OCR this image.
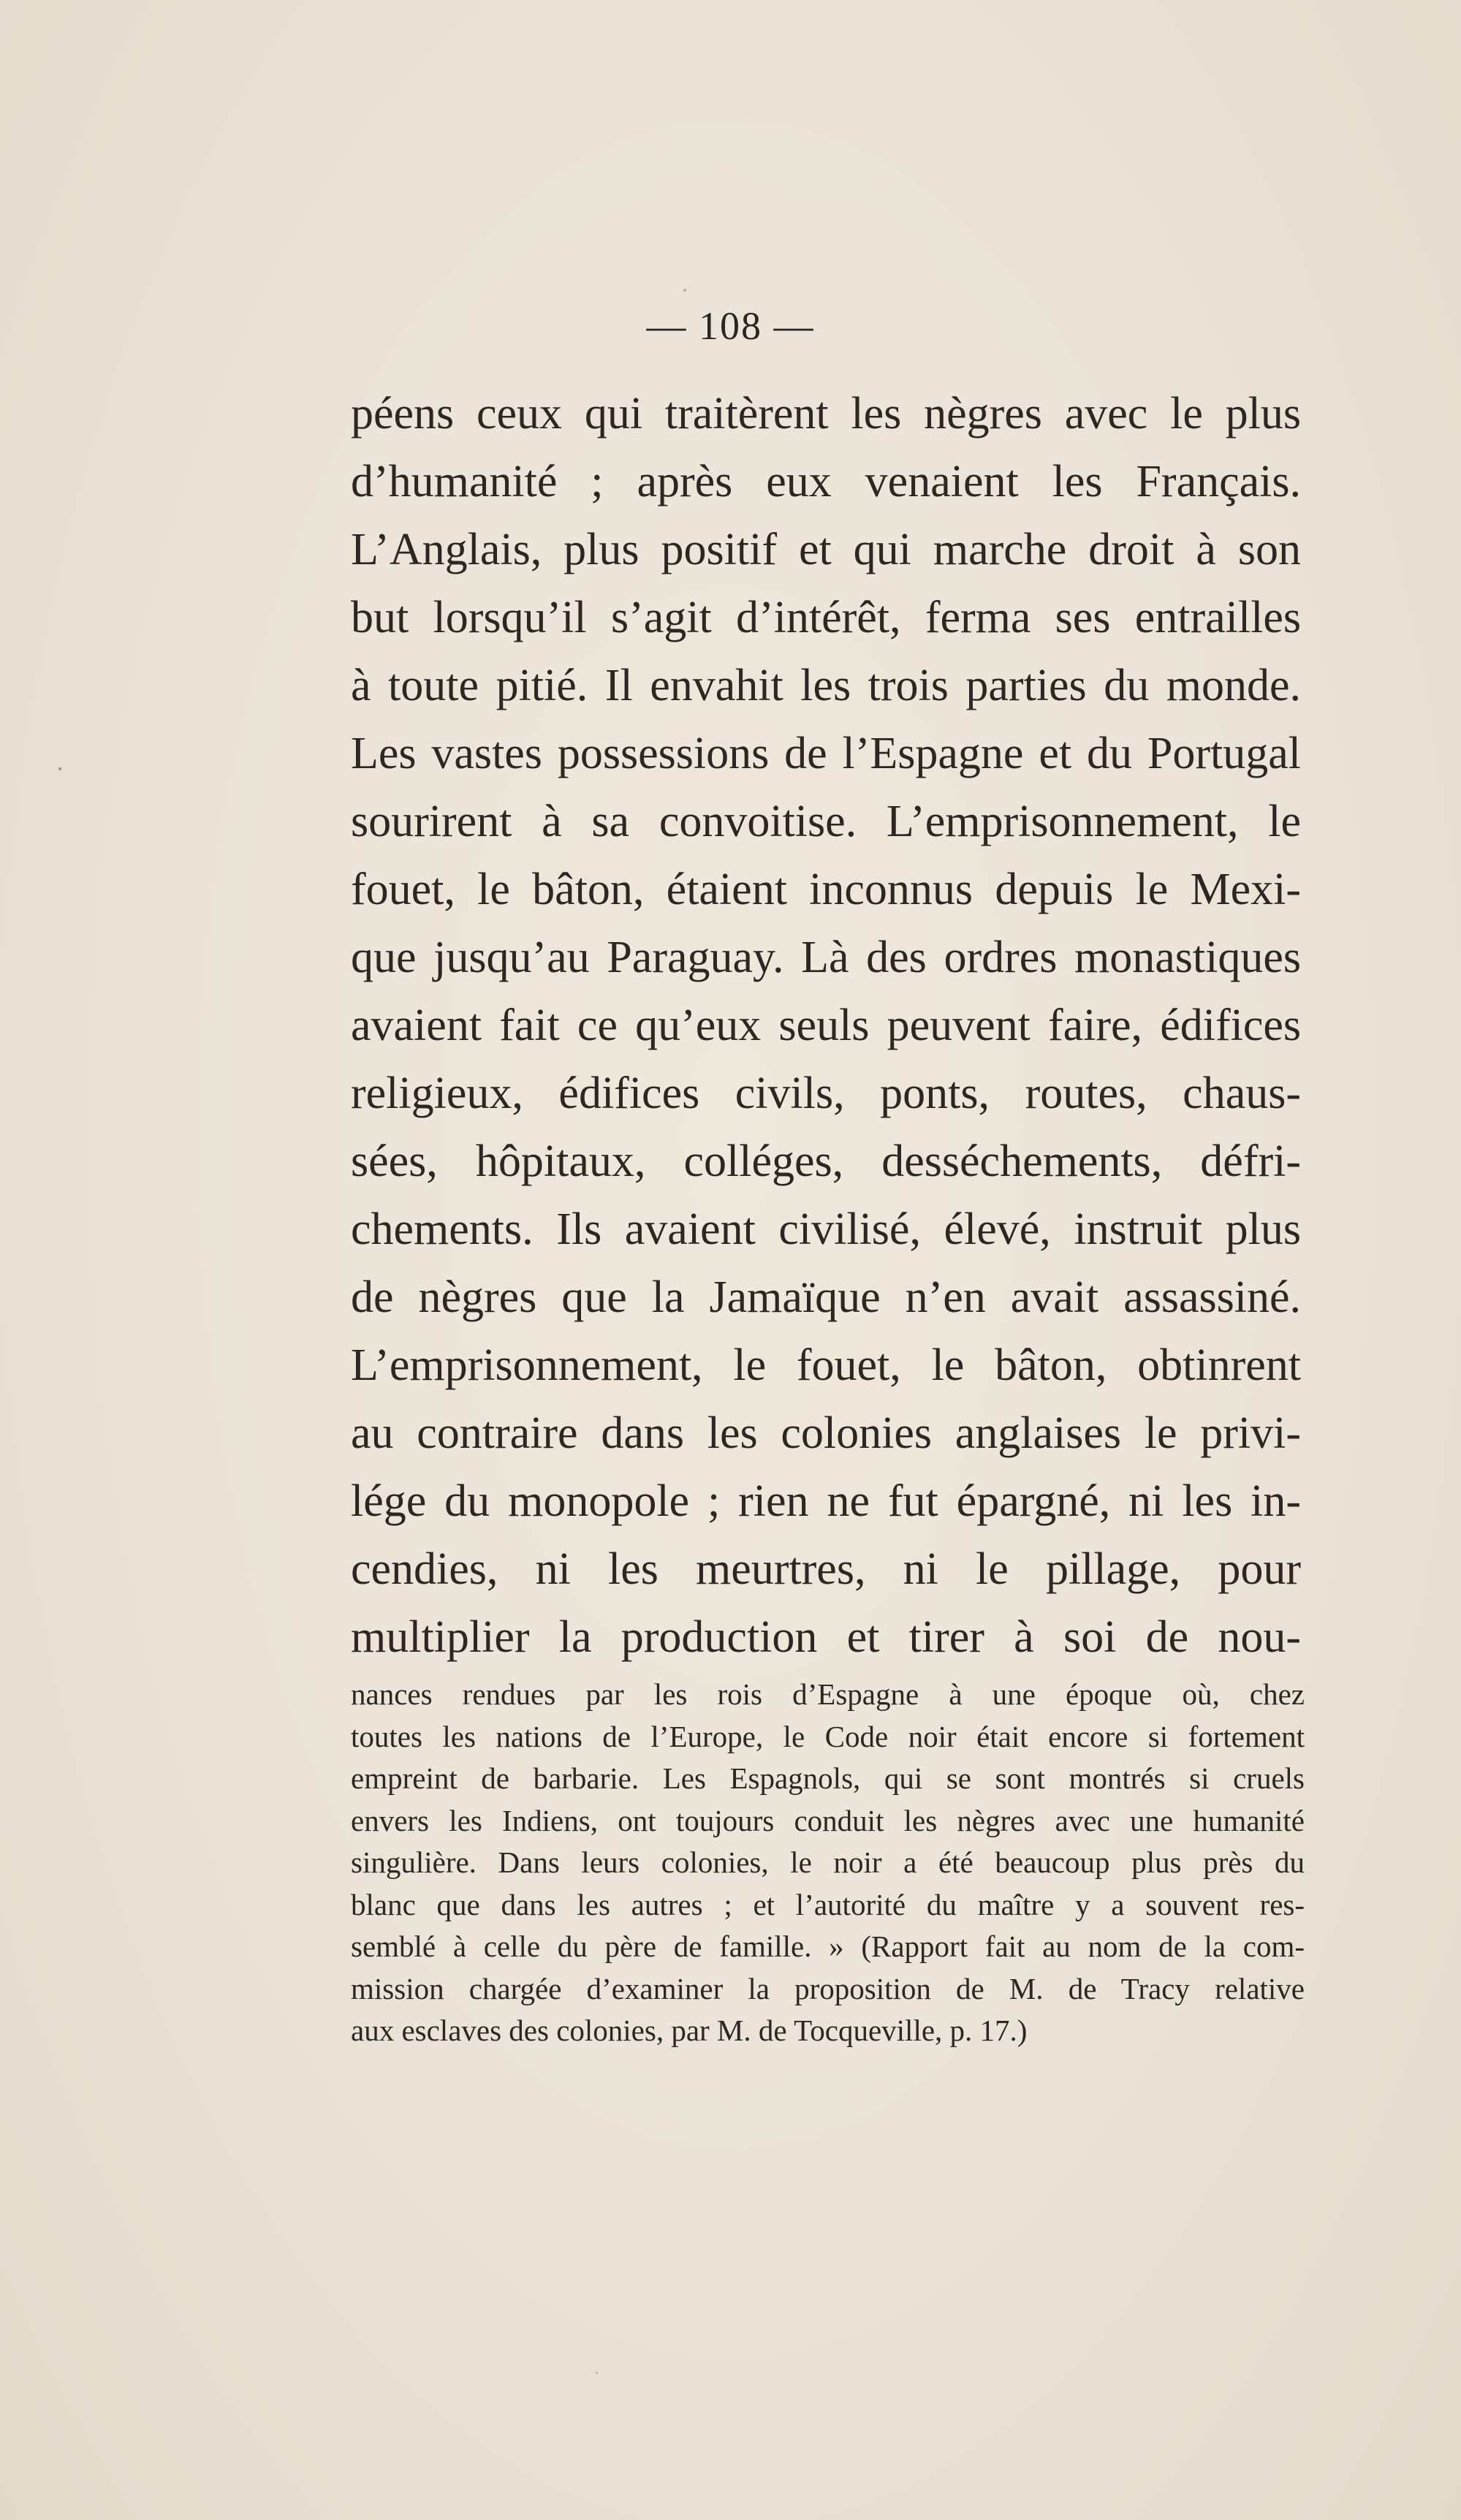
— 108 —
péens ceux qui traitèrent les nègres avec le plus
d’humanité ; après eux venaient les Français.
L’Anglais, plus positif et qui marche droit à son
but lorsqu’il s’agit d’intérêt, ferma ses entrailles
à toute pitié. Il envahit les trois parties du monde.
Les vastes possessions de l’Espagne et du Portugal
sourirent à sa convoitise. L’emprisonnement, le
fouet, le bâton, étaient inconnus depuis le Mexi-
que jusqu’au Paraguay. Là des ordres monastiques
avaient fait ce qu’eux seuls peuvent faire, édifices
religieux, édifices civils, ponts, routes, chaus-
sées, hôpitaux, colléges, desséchements, défri-
chements. Ils avaient civilisé, élevé, instruit plus
de nègres que la Jamaïque n’en avait assassiné.
L’emprisonnement, le fouet, le bâton, obtinrent
au contraire dans les colonies anglaises le privi-
lége du monopole ; rien ne fut épargné, ni les in-
cendies, ni les meurtres, ni le pillage, pour
multiplier la production et tirer à soi de nou-
nances rendues par les rois d’Espagne à une époque où, chez
toutes les nations de l’Europe, le Code noir était encore si fortement
empreint de barbarie. Les Espagnols, qui se sont montrés si cruels
envers les Indiens, ont toujours conduit les nègres avec une humanité
singulière. Dans leurs colonies, le noir a été beaucoup plus près du
blanc que dans les autres ; et l’autorité du maître y a souvent res-
semblé à celle du père de famille. » (Rapport fait au nom de la com-
mission chargée d’examiner la proposition de M. de Tracy relative
aux esclaves des colonies, par M. de Tocqueville, p. 17.)
